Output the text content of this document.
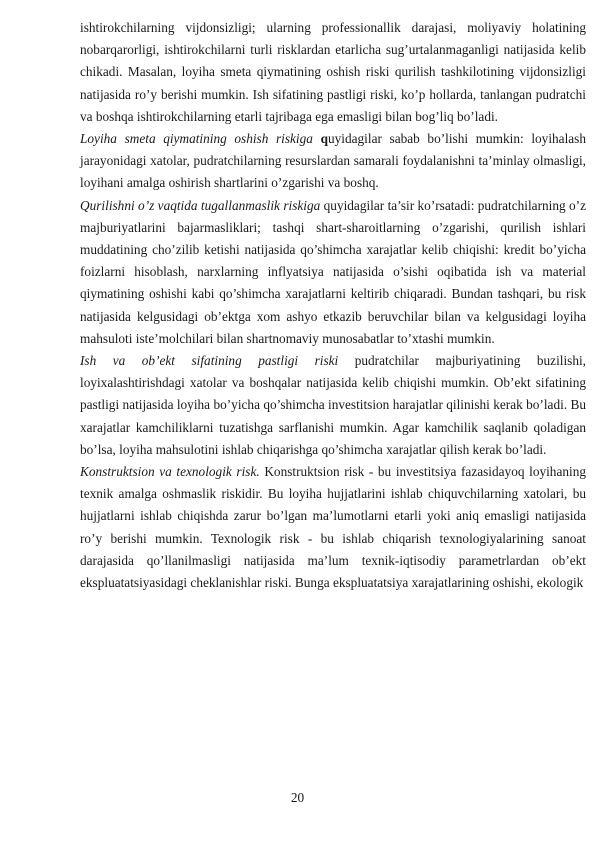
ishtirokchilarning vijdonsizligi; ularning professionallik darajasi, moliyaviy holatining nobarqarorligi, ishtirokchilarni turli risklardan etarlicha sug’urtalanmaganligi natijasida kelib chikadi. Masalan, loyiha smeta qiymatining oshish riski qurilish tashkilotining vijdonsizligi natijasida ro’y berishi mumkin. Ish sifatining pastligi riski, ko’p hollarda, tanlangan pudratchi va boshqa ishtirokchilarning etarli tajribaga ega emasligi bilan bog’liq bo’ladi.

Loyiha smeta qiymatining oshish riskiga quyidagilar sabab bo’lishi mumkin: loyihalash jarayonidagi xatolar, pudratchilarning resurslardan samarali foydalanishni ta’minlay olmasligi, loyihani amalga oshirish shartlarini o’zgarishi va boshq.

Qurilishni o’z vaqtida tugallanmaslik riskiga quyidagilar ta’sir ko’rsatadi: pudratchilarning o’z majburiyatlarini bajarmasliklari; tashqi shart-sharoitlarning o’zgarishi, qurilish ishlari muddatining cho’zilib ketishi natijasida qo’shimcha xarajatlar kelib chiqishi: kredit bo’yicha foizlarni hisoblash, narxlarning inflyatsiya natijasida o’sishi oqibatida ish va material qiymatining oshishi kabi qo’shimcha xarajatlarni keltirib chiqaradi. Bundan tashqari, bu risk natijasida kelgusidagi ob’ektga xom ashyo etkazib beruvchilar bilan va kelgusidagi loyiha mahsuloti iste’molchilari bilan shartnomaviy munosabatlar to’xtashi mumkin.

Ish va ob’ekt sifatining pastligi riski pudratchilar majburiyatining buzilishi, loyixalashtirishdagi xatolar va boshqalar natijasida kelib chiqishi mumkin. Ob’ekt sifatining pastligi natijasida loyiha bo’yicha qo’shimcha investitsion harajatlar qilinishi kerak bo’ladi. Bu xarajatlar kamchiliklarni tuzatishga sarflanishi mumkin. Agar kamchilik saqlanib qoladigan bo’lsa, loyiha mahsulotini ishlab chiqarishga qo’shimcha xarajatlar qilish kerak bo’ladi.

Konstruktsion va texnologik risk. Konstruktsion risk - bu investitsiya fazasidayoq loyihaning texnik amalga oshmaslik riskidir. Bu loyiha hujjatlarini ishlab chiquvchilarning xatolari, bu hujjatlarni ishlab chiqishda zarur bo’lgan ma’lumotlarni etarli yoki aniq emasligi natijasida ro’y berishi mumkin. Texnologik risk - bu ishlab chiqarish texnologiyalarining sanoat darajasida qo’llanilmasligi natijasida ma’lum texnik-iqtisodiy parametrlardan ob’ekt ekspluatatsiyasidagi cheklanishlar riski. Bunga ekspluatatsiya xarajatlarining oshishi, ekologik

20
